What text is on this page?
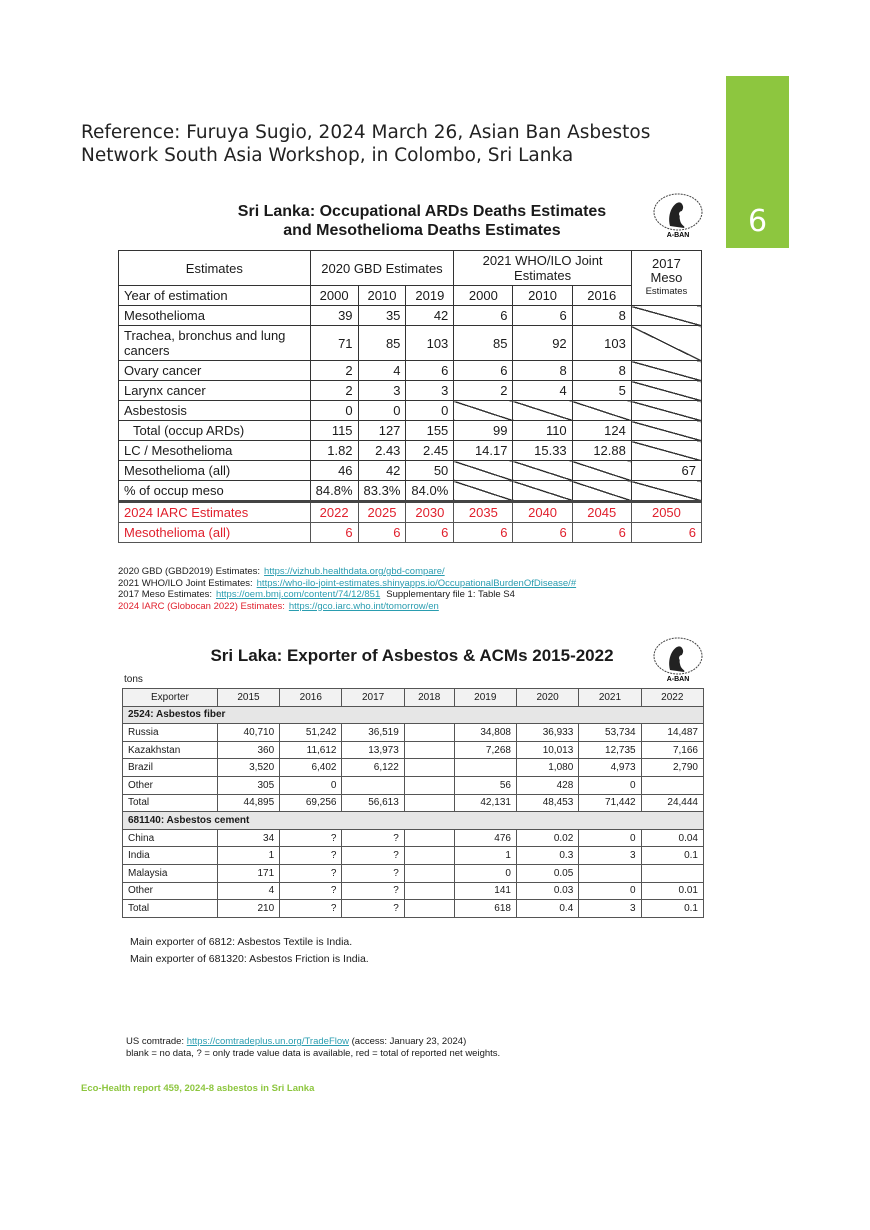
6
Reference: Furuya Sugio, 2024 March 26, Asian Ban Asbestos Network South Asia Workshop, in Colombo, Sri Lanka
Sri Lanka: Occupational ARDs Deaths Estimates
and Mesothelioma Deaths Estimates	A-BAN
Estimates	2020 GBD Estimates			2021 WHO/ILO Joint Estimates			2017 Meso
Estimates

Year of estimation	2000	2010	2019	2000	2010	2016	
Mesothelioma	39	35	42	6	6	8	
Trachea, bronchus and lung cancers	71	85	103	85	92	103	
Ovary cancer	2	4	6	6	8	8	
Larynx cancer	2	3	3	2	4	5	
Asbestosis	0	0	0				
Total (occup ARDs)	115	127	155	99	110	124	
LC / Mesothelioma	1.82	2.43	2.45	14.17	15.33	12.88	
Mesothelioma (all)	46	42	50				67
% of occup meso	84.8%	83.3%	84.0%				
2024 IARC Estimates	2022	2025	2030	2035	2040	2045	2050
Mesothelioma (all)	6	6	6	6	6	6	6
2020 GBD (GBD2019) Estimates: https://vizhub.healthdata.org/gbd-compare/
2021 WHO/ILO Joint Estimates: https://who-ilo-joint-estimates.shinyapps.io/OccupationalBurdenOfDisease/#
2017 Meso Estimates: https://oem.bmj.com/content/74/12/851 Supplementary file 1: Table S4
2024 IARC (Globocan 2022) Estimates: https://gco.iarc.who.int/tomorrow/en
Sri Laka: Exporter of Asbestos & ACMs 2015-2022
A-BAN
tons
Exporter	2015	2016	2017	2018	2019	2020	2021	2022
2524: Asbestos fiber								
Russia	40,710	51,242	36,519		34,808	36,933	53,734	14,487
Kazakhstan	360	11,612	13,973		7,268	10,013	12,735	7,166
Brazil	3,520	6,402	6,122			1,080	4,973	2,790
Other	305	0			56	428	0	
Total	44,895	69,256	56,613		42,131	48,453	71,442	24,444
681140: Asbestos cement								
China	34	?	?		476	0.02	0	0.04
India	1	?	?		1	0.3	3	0.1
Malaysia	171	?	?		0	0.05		
Other	4	?	?		141	0.03	0	0.01
Total	210	?	?		618	0.4	3	0.1
Main exporter of 6812: Asbestos Textile is India.
Main exporter of 681320: Asbestos Friction is India.
US comtrade: https://comtradeplus.un.org/TradeFlow (access: January 23, 2024)
blank = no data, ? = only trade value data is available, red = total of reported net weights.
Eco-Health report 459, 2024-8 asbestos in Sri Lanka
